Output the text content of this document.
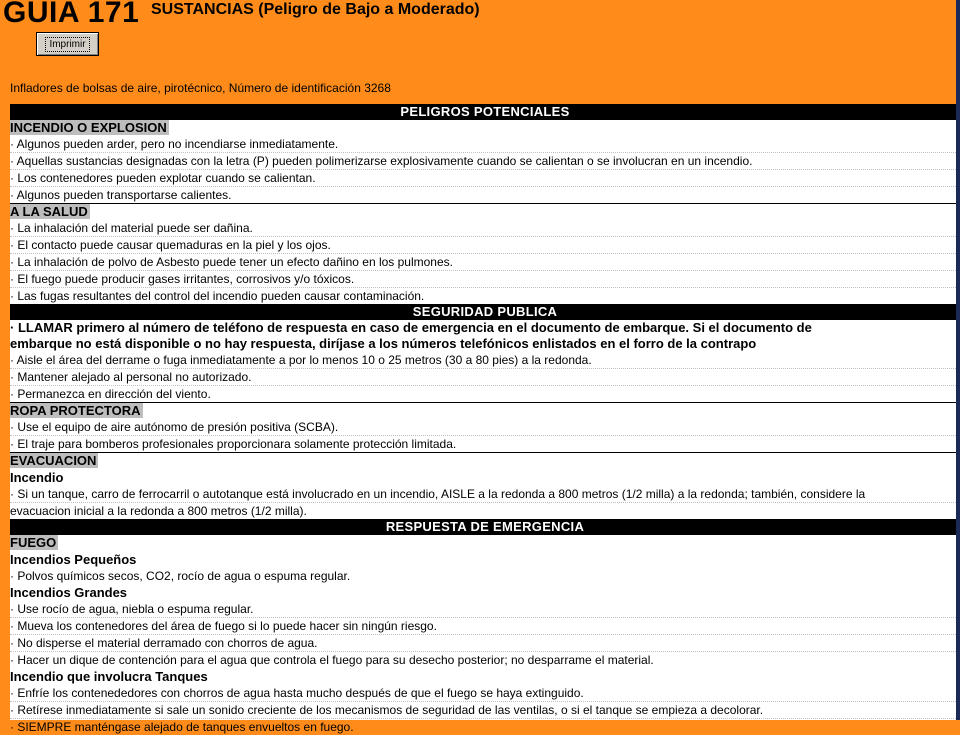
GUIA 171 SUSTANCIAS (Peligro de Bajo a Moderado)
Imprimir
Infladores de bolsas de aire, pirotécnico, Número de identificación 3268
PELIGROS POTENCIALES
INCENDIO O EXPLOSION
· Algunos pueden arder, pero no incendiarse inmediatamente.
· Aquellas sustancias designadas con la letra (P) pueden polimerizarse explosivamente cuando se calientan o se involucran en un incendio.
· Los contenedores pueden explotar cuando se calientan.
· Algunos pueden transportarse calientes.
A LA SALUD
· La inhalación del material puede ser dañina.
· El contacto puede causar quemaduras en la piel y los ojos.
· La inhalación de polvo de Asbesto puede tener un efecto dañino en los pulmones.
· El fuego puede producir gases irritantes, corrosivos y/o tóxicos.
· Las fugas resultantes del control del incendio pueden causar contaminación.
SEGURIDAD PUBLICA
· LLAMAR primero al número de teléfono de respuesta en caso de emergencia en el documento de embarque. Si el documento de
embarque no está disponible o no hay respuesta, diríjase a los números telefónicos enlistados en el forro de la contrapo
· Aisle el área del derrame o fuga inmediatamente a por lo menos 10 o 25 metros (30 a 80 pies) a la redonda.
· Mantener alejado al personal no autorizado.
· Permanezca en dirección del viento.
ROPA PROTECTORA
· Use el equipo de aire autónomo de presión positiva (SCBA).
· El traje para bomberos profesionales proporcionara solamente protección limitada.
EVACUACION
Incendio
· Si un tanque, carro de ferrocarril o autotanque está involucrado en un incendio, AISLE a la redonda a 800 metros (1/2 milla) a la redonda; también, considere la
evacuacion inicial a la redonda a 800 metros (1/2 milla).
RESPUESTA DE EMERGENCIA
FUEGO
Incendios Pequeños
· Polvos químicos secos, CO2, rocío de agua o espuma regular.
Incendios Grandes
· Use rocío de agua, niebla o espuma regular.
· Mueva los contenedores del área de fuego si lo puede hacer sin ningún riesgo.
· No disperse el material derramado con chorros de agua.
· Hacer un dique de contención para el agua que controla el fuego para su desecho posterior; no desparrame el material.
Incendio que involucra Tanques
· Enfríe los contenededores con chorros de agua hasta mucho después de que el fuego se haya extinguido.
· Retírese inmediatamente si sale un sonido creciente de los mecanismos de seguridad de las ventilas, o si el tanque se empieza a decolorar.
· SIEMPRE manténgase alejado de tanques envueltos en fuego.
